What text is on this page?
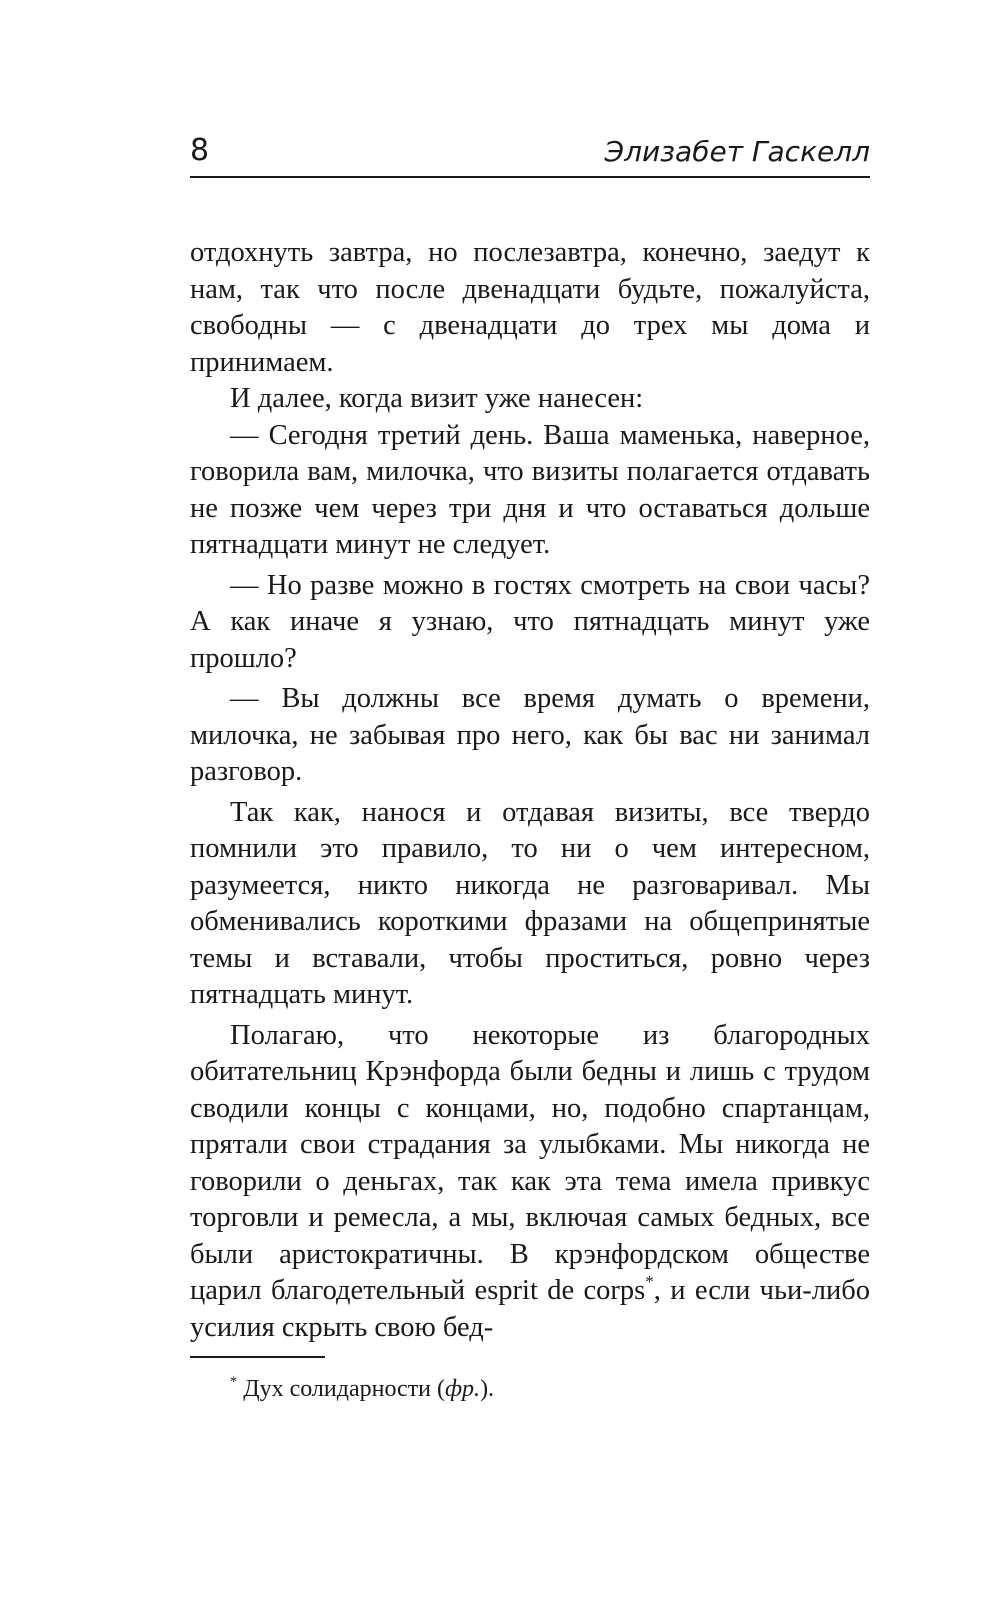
8	Элизабет Гаскелл

отдохнуть завтра, но послезавтра, конечно, заедут к нам, так что после двенадцати будьте, пожалуйста, свободны — с двенадцати до трех мы дома и принимаем.

И далее, когда визит уже нанесен:

— Сегодня третий день. Ваша маменька, наверное, говорила вам, милочка, что визиты полагается отдавать не позже чем через три дня и что оставаться дольше пятнадцати минут не следует.

— Но разве можно в гостях смотреть на свои часы? А как иначе я узнаю, что пятнадцать минут уже прошло?

— Вы должны все время думать о времени, милочка, не забывая про него, как бы вас ни занимал разговор.

Так как, нанося и отдавая визиты, все твердо помнили это правило, то ни о чем интересном, разумеется, никто никогда не разговаривал. Мы обменивались короткими фразами на общепринятые темы и вставали, чтобы проститься, ровно через пятнадцать минут.

Полагаю, что некоторые из благородных обитательниц Крэнфорда были бедны и лишь с трудом сводили концы с концами, но, подобно спартанцам, прятали свои страдания за улыбками. Мы никогда не говорили о деньгах, так как эта тема имела привкус торговли и ремесла, а мы, включая самых бедных, все были аристократичны. В крэнфордском обществе царил благодетельный esprit de corps*, и если чьи-либо усилия скрыть свою бед-

* Дух солидарности (фр.).
